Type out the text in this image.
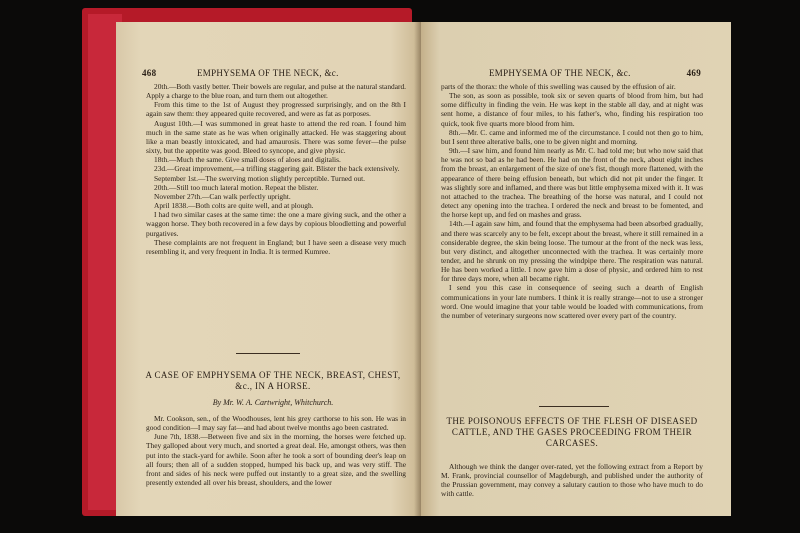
468	EMPHYSEMA OF THE NECK, &c.

20th.—Both vastly better. Their bowels are regular, and pulse at the natural standard. Apply a charge to the blue roan, and turn them out altogether.

From this time to the 1st of August they progressed surprisingly, and on the 8th I again saw them: they appeared quite recovered, and were as fat as porposes.

August 10th.—I was summoned in great haste to attend the red roan. I found him much in the same state as he was when originally attacked. He was staggering about like a man beastly intoxicated, and had amaurosis. There was some fever—the pulse sixty, but the appetite was good. Bleed to syncope, and give physic.

18th.—Much the same. Give small doses of aloes and digitalis.

23d.—Great improvement,—a trifling staggering gait. Blister the back extensively.

September 1st.—The swerving motion slightly perceptible. Turned out.

20th.—Still too much lateral motion. Repeat the blister.

November 27th.—Can walk perfectly upright.

April 1838.—Both colts are quite well, and at plough.

I had two similar cases at the same time: the one a mare giving suck, and the other a waggon horse. They both recovered in a few days by copious bloodletting and powerful purgatives.

These complaints are not frequent in England; but I have seen a disease very much resembling it, and very frequent in India. It is termed Kumree.

A CASE OF EMPHYSEMA OF THE NECK, BREAST, CHEST, &c., IN A HORSE.
By Mr. W. A. Cartwright, Whitchurch.

Mr. Cookson, sen., of the Woodhouses, lent his grey carthorse to his son. He was in good condition—I may say fat—and had about twelve months ago been castrated.

June 7th, 1838.—Between five and six in the morning, the horses were fetched up. They galloped about very much, and snorted a great deal. He, amongst others, was then put into the stack-yard for awhile. Soon after he took a sort of bounding deer's leap on all fours; then all of a sudden stopped, humped his back up, and was very stiff. The front and sides of his neck were puffed out instantly to a great size, and the swelling presently extended all over his breast, shoulders, and the lower

EMPHYSEMA OF THE NECK, &c.	469

parts of the thorax: the whole of this swelling was caused by the effusion of air.

The son, as soon as possible, took six or seven quarts of blood from him, but had some difficulty in finding the vein. He was kept in the stable all day, and at night was sent home, a distance of four miles, to his father's, who, finding his respiration too quick, took five quarts more blood from him.

8th.—Mr. C. came and informed me of the circumstance. I could not then go to him, but I sent three alterative balls, one to be given night and morning.

9th.—I saw him, and found him nearly as Mr. C. had told me; but who now said that he was not so bad as he had been. He had on the front of the neck, about eight inches from the breast, an enlargement of the size of one's fist, though more flattened, with the appearance of there being effusion beneath, but which did not pit under the finger. It was slightly sore and inflamed, and there was but little emphysema mixed with it. It was not attached to the trachea. The breathing of the horse was natural, and I could not detect any opening into the trachea. I ordered the neck and breast to be fomented, and the horse kept up, and fed on mashes and grass.

14th.—I again saw him, and found that the emphysema had been absorbed gradually, and there was scarcely any to be felt, except about the breast, where it still remained in a considerable degree, the skin being loose. The tumour at the front of the neck was less, but very distinct, and altogether unconnected with the trachea. It was certainly more tender, and he shrunk on my pressing the windpipe there. The respiration was natural. He has been worked a little. I now gave him a dose of physic, and ordered him to rest for three days more, when all became right.

I send you this case in consequence of seeing such a dearth of English communications in your late numbers. I think it is really strange—not to use a stronger word. One would imagine that your table would be loaded with communications, from the number of veterinary surgeons now scattered over every part of the country.

THE POISONOUS EFFECTS OF THE FLESH OF DISEASED CATTLE, AND THE GASES PROCEEDING FROM THEIR CARCASES.

Although we think the danger over-rated, yet the following extract from a Report by M. Frank, provincial counsellor of Magdeburgh, and published under the authority of the Prussian government, may convey a salutary caution to those who have much to do with cattle.
